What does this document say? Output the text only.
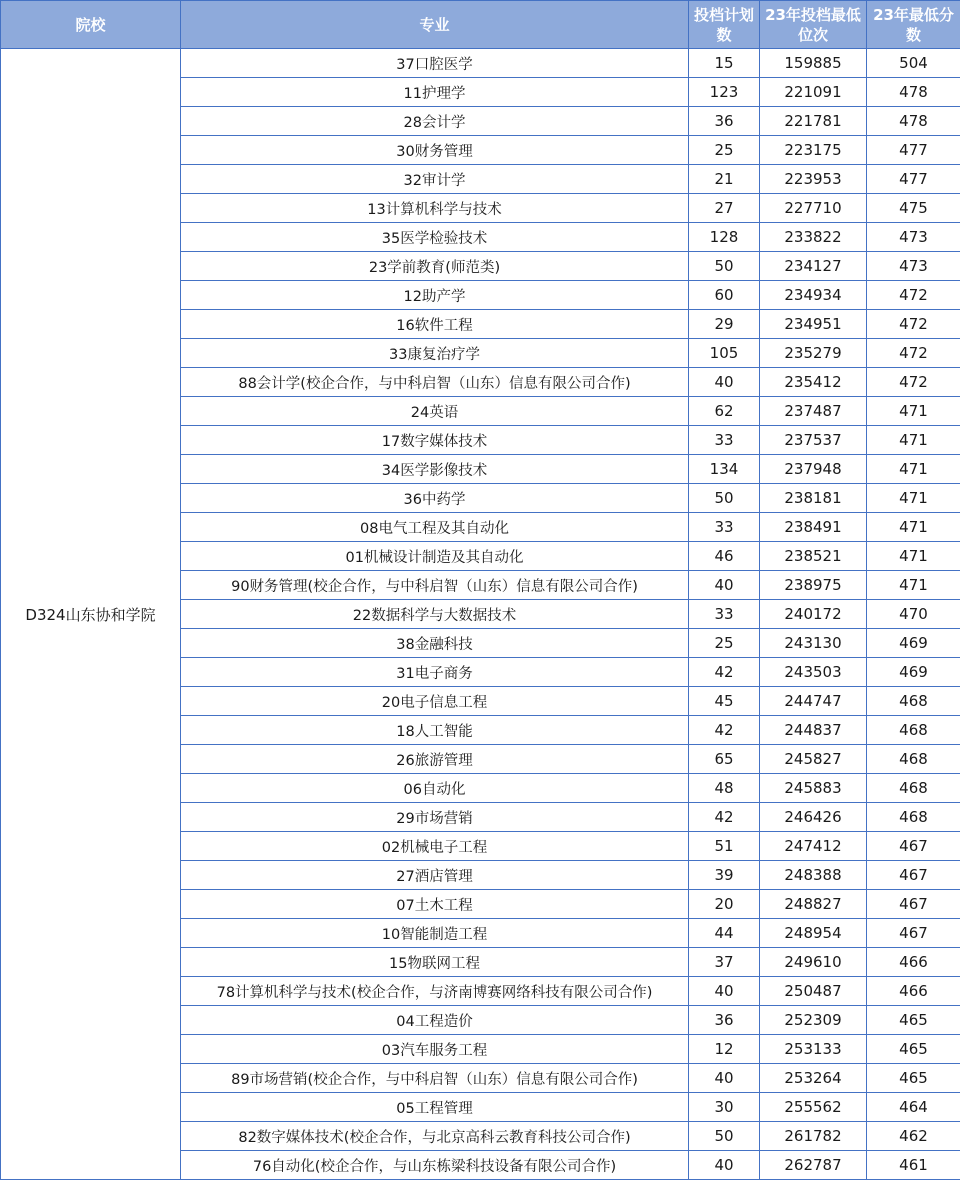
院校	专业	投档计划数	23年投档最低位次	23年最低分数
D324山东协和学院	37口腔医学	15	159885	504
	11护理学	123	221091	478
	28会计学	36	221781	478
	30财务管理	25	223175	477
	32审计学	21	223953	477
	13计算机科学与技术	27	227710	475
	35医学检验技术	128	233822	473
	23学前教育(师范类)	50	234127	473
	12助产学	60	234934	472
	16软件工程	29	234951	472
	33康复治疗学	105	235279	472
	88会计学(校企合作，与中科启智（山东）信息有限公司合作)	40	235412	472
	24英语	62	237487	471
	17数字媒体技术	33	237537	471
	34医学影像技术	134	237948	471
	36中药学	50	238181	471
	08电气工程及其自动化	33	238491	471
	01机械设计制造及其自动化	46	238521	471
	90财务管理(校企合作，与中科启智（山东）信息有限公司合作)	40	238975	471
	22数据科学与大数据技术	33	240172	470
	38金融科技	25	243130	469
	31电子商务	42	243503	469
	20电子信息工程	45	244747	468
	18人工智能	42	244837	468
	26旅游管理	65	245827	468
	06自动化	48	245883	468
	29市场营销	42	246426	468
	02机械电子工程	51	247412	467
	27酒店管理	39	248388	467
	07土木工程	20	248827	467
	10智能制造工程	44	248954	467
	15物联网工程	37	249610	466
	78计算机科学与技术(校企合作，与济南博赛网络科技有限公司合作)	40	250487	466
	04工程造价	36	252309	465
	03汽车服务工程	12	253133	465
	89市场营销(校企合作，与中科启智（山东）信息有限公司合作)	40	253264	465
	05工程管理	30	255562	464
	82数字媒体技术(校企合作，与北京高科云教育科技公司合作)	50	261782	462
	76自动化(校企合作，与山东栋梁科技设备有限公司合作)	40	262787	461
